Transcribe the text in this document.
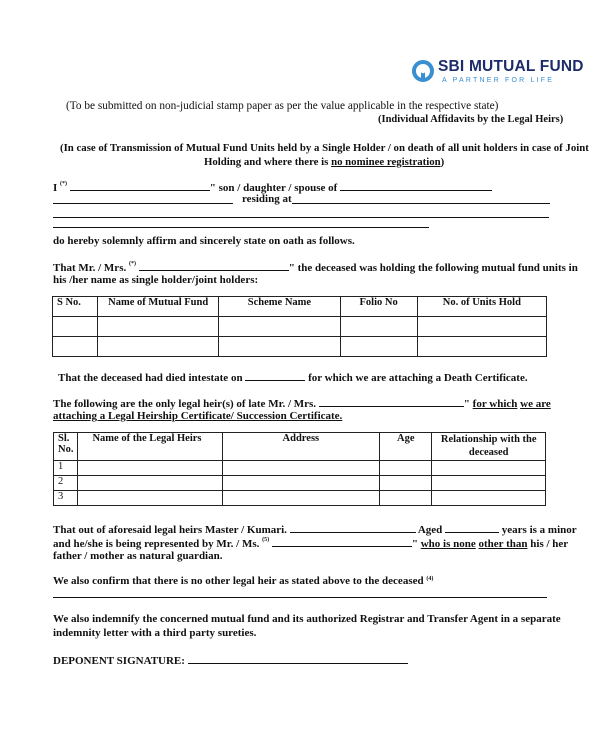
SBI MUTUAL FUND
A PARTNER FOR LIFE
(To be submitted on non-judicial stamp paper as per the value applicable in the respective state)
(Individual Affidavits by the Legal Heirs)
(In case of Transmission of Mutual Fund Units held by a Single Holder / on death of all unit holders in case of Joint
Holding and where there is no nominee registration)
I (*)	" son / daughter / spouse of
residing at
do hereby solemnly affirm and sincerely state on oath as follows.
That Mr. / Mrs. (*)	" the deceased was holding the following mutual fund units in
his /her name as single holder/joint holders:
S No.	Name of Mutual Fund	Scheme Name	Folio No	No. of Units Hold

That the deceased had died intestate on	for which we are attaching a Death Certificate.
The following are the only legal heir(s) of late Mr. / Mrs.	" for which we are
attaching a Legal Heirship Certificate/ Succession Certificate.
Sl. No.	Name of the Legal Heirs	Address	Age	Relationship with the deceased
1				
2				
3				
That out of aforesaid legal heirs Master / Kumari.	Aged	years is a minor
and he/she is being represented by Mr. / Ms. $^{(5)}$	" who is none other than his / her
father / mother as natural guardian.
We also confirm that there is no other legal heir as stated above to the deceased $^{(4)}$
We also indemnify the concerned mutual fund and its authorized Registrar and Transfer Agent in a separate
indemnity letter with a third party sureties.
DEPONENT SIGNATURE:
